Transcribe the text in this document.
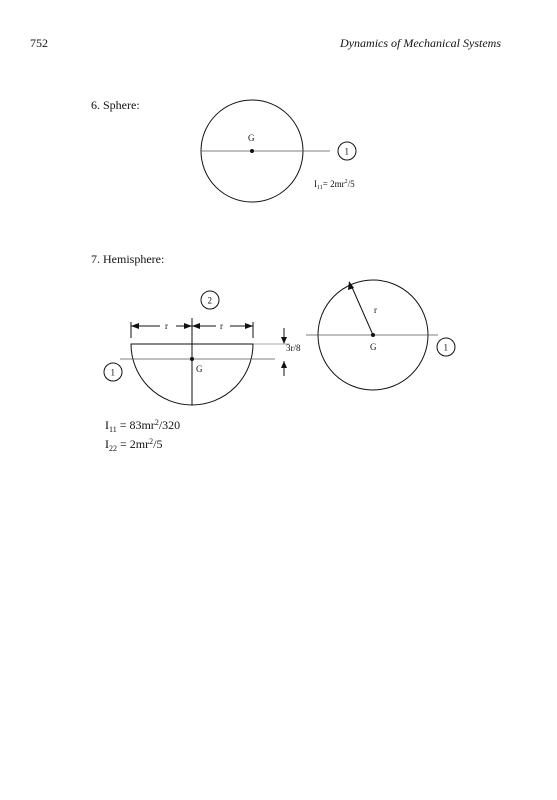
752	Dynamics of Mechanical Systems
6. Sphere:
G
1
$I_{11}= 2mr^2/5$
G
2
1
r	r
3r/8	G
r
1
7. Hemisphere:
$I_{11} = 83mr^2/320$
$I_{22} = 2mr^2/5$
